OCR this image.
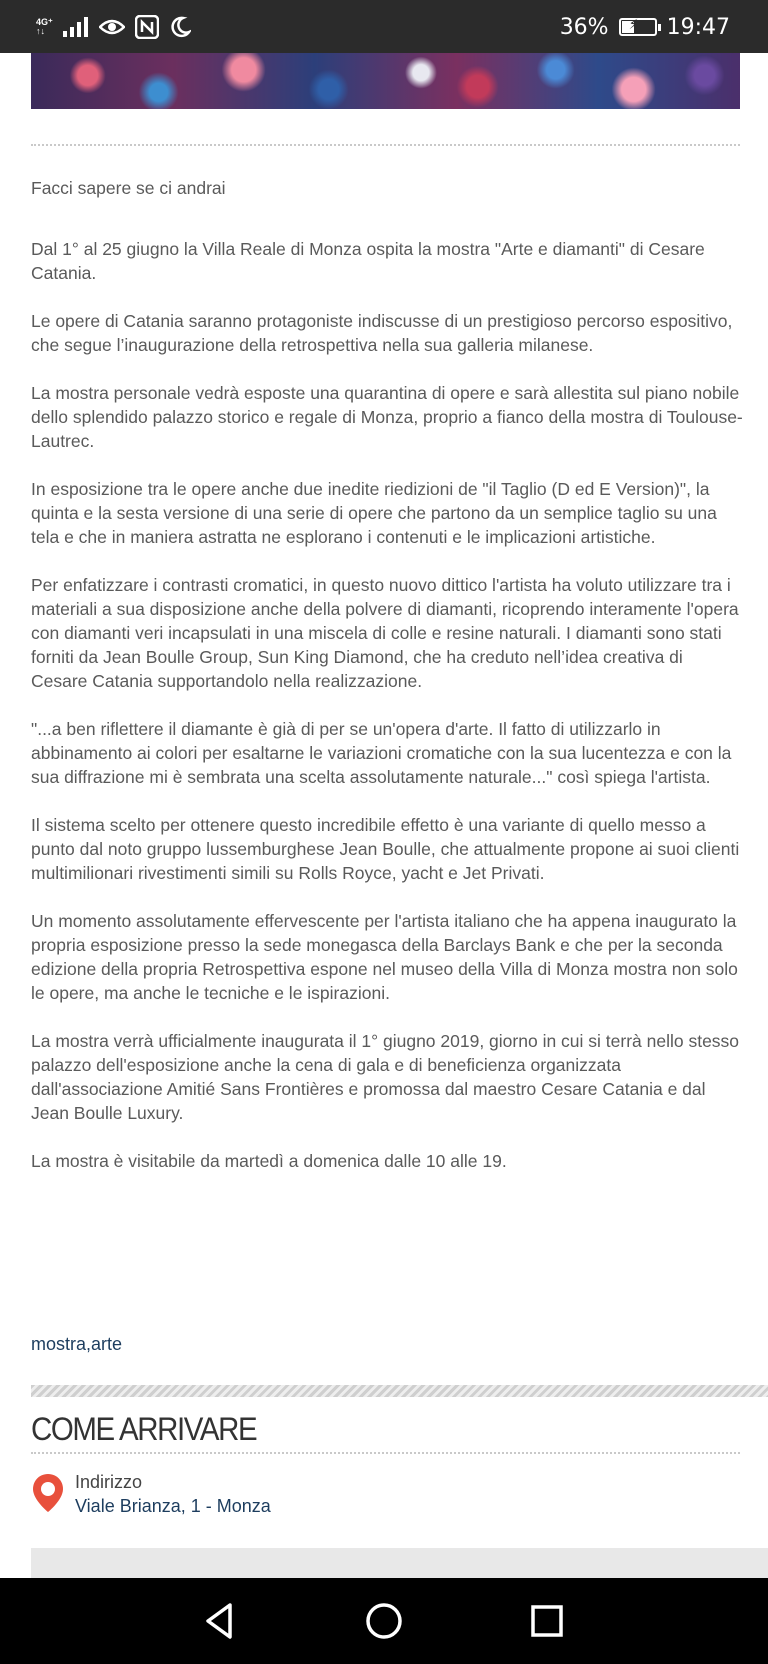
4G⁺
↑↓	36% ⚡ 19:47

Facci sapere se ci andrai

Dal 1° al 25 giugno la Villa Reale di Monza ospita la mostra "Arte e diamanti" di Cesare Catania.

Le opere di Catania saranno protagoniste indiscusse di un prestigioso percorso espositivo, che segue l’inaugurazione della retrospettiva nella sua galleria milanese.

La mostra personale vedrà esposte una quarantina di opere e sarà allestita sul piano nobile dello splendido palazzo storico e regale di Monza, proprio a fianco della mostra di Toulouse-Lautrec.

In esposizione tra le opere anche due inedite riedizioni de "il Taglio (D ed E Version)", la quinta e la sesta versione di una serie di opere che partono da un semplice taglio su una tela e che in maniera astratta ne esplorano i contenuti e le implicazioni artistiche.

Per enfatizzare i contrasti cromatici, in questo nuovo dittico l'artista ha voluto utilizzare tra i materiali a sua disposizione anche della polvere di diamanti, ricoprendo interamente l'opera con diamanti veri incapsulati in una miscela di colle e resine naturali. I diamanti sono stati forniti da Jean Boulle Group, Sun King Diamond, che ha creduto nell’idea creativa di Cesare Catania supportandolo nella realizzazione.

"...a ben riflettere il diamante è già di per se un'opera d'arte. Il fatto di utilizzarlo in abbinamento ai colori per esaltarne le variazioni cromatiche con la sua lucentezza e con la sua diffrazione mi è sembrata una scelta assolutamente naturale..." così spiega l'artista.

Il sistema scelto per ottenere questo incredibile effetto è una variante di quello messo a punto dal noto gruppo lussemburghese Jean Boulle, che attualmente propone ai suoi clienti multimilionari rivestimenti simili su Rolls Royce, yacht e Jet Privati.

Un momento assolutamente effervescente per l'artista italiano che ha appena inaugurato la propria esposizione presso la sede monegasca della Barclays Bank e che per la seconda edizione della propria Retrospettiva espone nel museo della Villa di Monza mostra non solo le opere, ma anche le tecniche e le ispirazioni.

La mostra verrà ufficialmente inaugurata il 1° giugno 2019, giorno in cui si terrà nello stesso palazzo dell'esposizione anche la cena di gala e di beneficienza organizzata dall'associazione Amitié Sans Frontières e promossa dal maestro Cesare Catania e dal Jean Boulle Luxury.

La mostra è visitabile da martedì a domenica dalle 10 alle 19.

mostra,arte
COME ARRIVARE
Indirizzo
Viale Brianza, 1 - Monza
